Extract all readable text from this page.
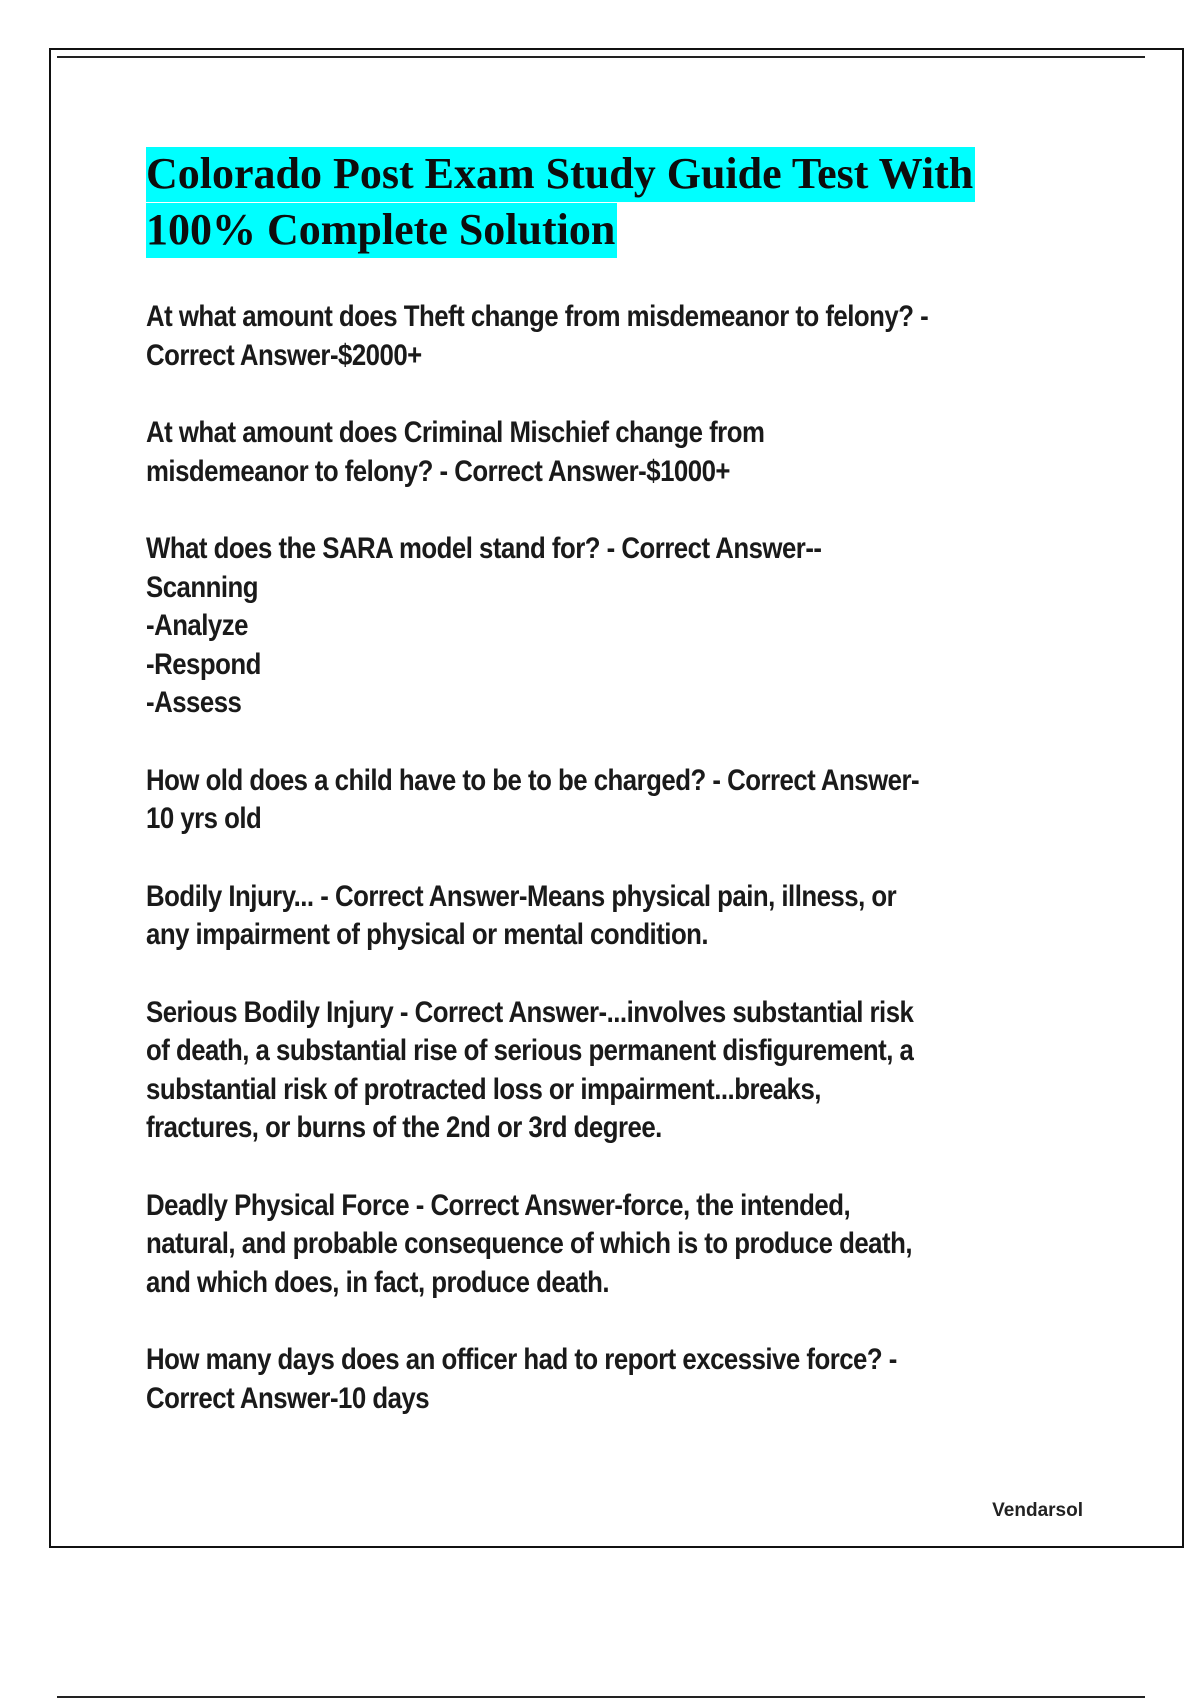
Colorado Post Exam Study Guide Test With 100% Complete Solution
At what amount does Theft change from misdemeanor to felony? -
Correct Answer-$2000+
At what amount does Criminal Mischief change from
misdemeanor to felony? - Correct Answer-$1000+
What does the SARA model stand for? - Correct Answer--
Scanning
-Analyze
-Respond
-Assess
How old does a child have to be to be charged? - Correct Answer-
10 yrs old
Bodily Injury... - Correct Answer-Means physical pain, illness, or
any impairment of physical or mental condition.
Serious Bodily Injury - Correct Answer-...involves substantial risk
of death, a substantial rise of serious permanent disfigurement, a
substantial risk of protracted loss or impairment...breaks,
fractures, or burns of the 2nd or 3rd degree.
Deadly Physical Force - Correct Answer-force, the intended,
natural, and probable consequence of which is to produce death,
and which does, in fact, produce death.
How many days does an officer had to report excessive force? -
Correct Answer-10 days
Vendarsol
